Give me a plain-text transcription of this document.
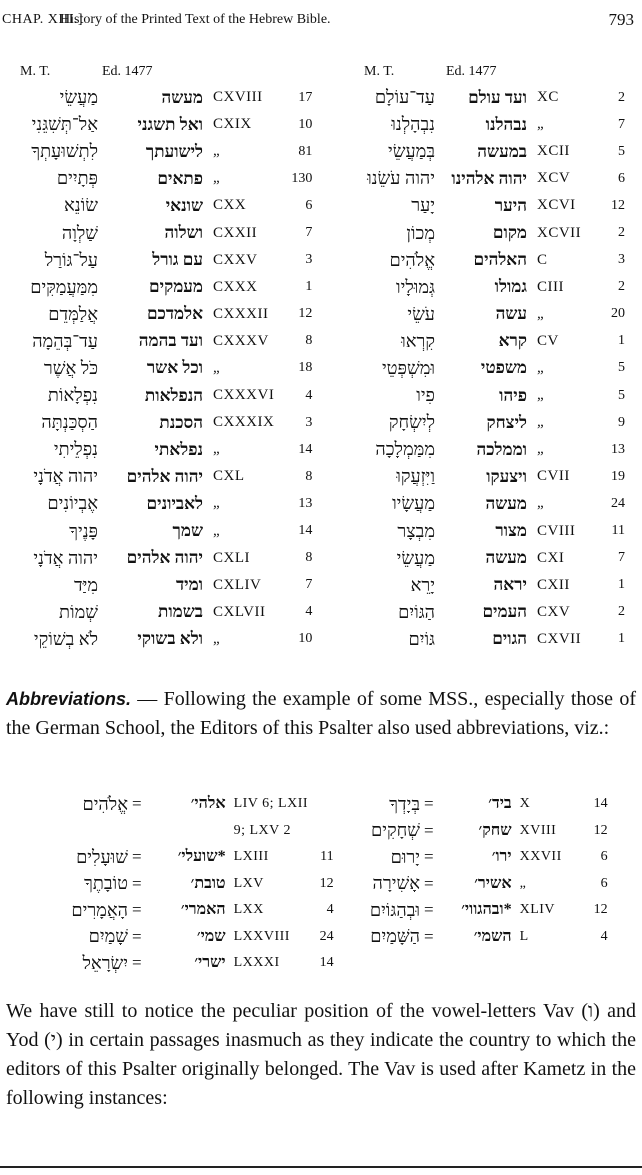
CHAP. XIII.]
History of the Printed Text of the Hebrew Bible.	793
M. T.	Ed. 1477	M. T.	Ed. 1477
מַעֲשֵׂי	מעשה	CXVIII	17
אַל־תְּשִׁגֵּנִי	ואל תשגני	CXIX	10
לִתְשׁוּעָתְךָ	לישועתך	„	81
פְּתָיִים	פתאים	„	130
שׂוֹנֵא	שונאי	CXX	6
שַׁלְוָה	ושלוה	CXXII	7
עַל־גּוֹרַל	עם גורל	CXXV	3
מִמַּעֲמַקִּים	מעמקים	CXXX	1
אֲלַמְּדֵם	אלמדכם	CXXXII	12
עַד־בְּהֵמָה	ועד בהמה	CXXXV	8
כֹּל אֲשֶׁר	וכל אשר	„	18
נִפְלָאוֹת	הנפלאות	CXXXVI	4
הַסְכַּנְתָּה	הסכנת	CXXXIX	3
נִפְלֵיתִי	נפלאתי	„	14
יהוה אֲדֹנָי	יהוה אלהים	CXL	8
אֶבְיוֹנִים	לאביונים	„	13
פָּנֶיךָ	שמך	„	14
יהוה אֲדֹנָי	יהוה אלהים	CXLI	8
מִיַּד	ומיד	CXLIV	7
שְׁמוֹת	בשמות	CXLVII	4
לֹא בְשׁוֹקֵי	ולא בשוקי	„	10
עַד־עוֹלָם	ועד עולם	XC	2
נִבְהָלְנוּ	נבהלנו	„	7
בְּמַעֲשֵׂי	במעשה	XCII	5
יהוה עֹשֵׂנוּ	יהוה אלהינו	XCV	6
יָעַר	היער	XCVI	12
מְכוֹן	מקום	XCVII	2
אֱלֹהִים	האלהים	C	3
גְּמוּלָיו	גמולו	CIII	2
עֹשֵׂי	עשה	„	20
קִרְאוּ	קרא	CV	1
וּמִשְׁפְּטֵי	משפטי	„	5
פִיו	פיהו	„	5
לְיִשְׂחָק	ליצחק	„	9
מִמַּמְלָכָה	וממלכה	„	13
וַיִּזְעֲקוּ	ויצעקו	CVII	19
מַעֲשָׂיו	מעשה	„	24
מִבְצָר	מצור	CVIII	11
מַעֲשֵׂי	מעשה	CXI	7
יָרֵא	יראה	CXII	1
הַגּוֹיִם	העמים	CXV	2
גּוֹיִם	הגוים	CXVII	1
Abbreviations. — Following the example of some MSS., especially those of the German School, the Editors of this Psalter also used abbreviations, viz.:
אֱלֹהִים	=	אלהי׳	LIV 6; LXII	
			9; LXV 2	
שׁוּעָלִים	=	*שועלי׳	LXIII	11
טוֹבָתֶךָ	=	טובת׳	LXV	12
הָאֲמָרִים	=	האמרי׳	LXX	4
שָׁמַיִם	=	שמי׳	LXXVIII	24
יִשְׂרָאֵל	=	ישרי׳	LXXXI	14
בְּיָדְךָ	=	ביד׳	X	14
שְׁחָקִים	=	שחק׳	XVIII	12
יָרוּם	=	ירו׳	XXVII	6
אָשִׁירָה	=	אשיר׳	„	6
וּבְהַגּוֹיִם	=	*ובהגווי׳	XLIV	12
הַשָּׁמַיִם	=	השמי׳	L	4
We have still to notice the peculiar position of the vowel-letters Vav (ו) and Yod (י) in certain passages inasmuch as they indicate the country to which the editors of this Psalter originally belonged. The Vav is used after Kametz in the following instances:
